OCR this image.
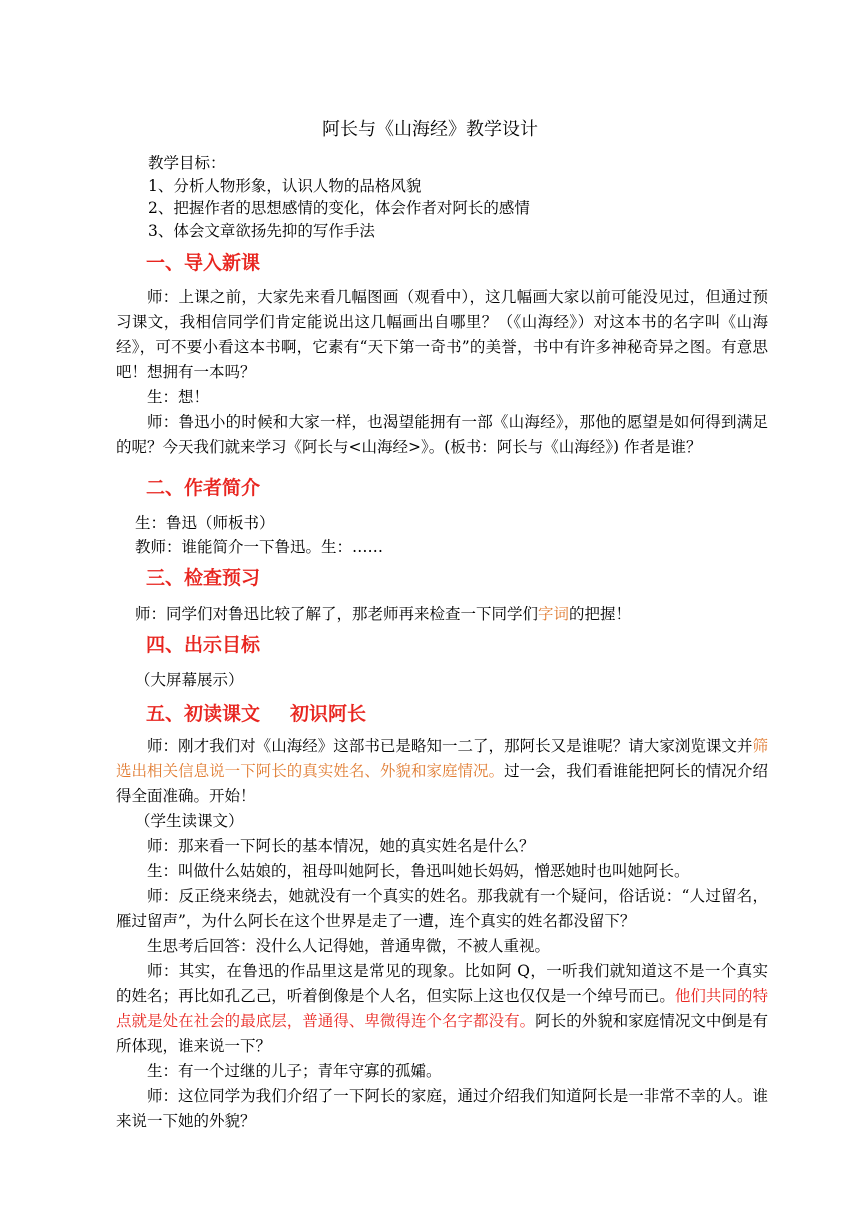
阿长与《山海经》教学设计
教学目标：
1、分析人物形象，认识人物的品格风貌
2、把握作者的思想感情的变化，体会作者对阿长的感情
3、体会文章欲扬先抑的写作手法
一、导入新课

师：上课之前，大家先来看几幅图画（观看中），这几幅画大家以前可能没见过，但通过预习课文，我相信同学们肯定能说出这几幅画出自哪里？（《山海经》）对这本书的名字叫《山海经》，可不要小看这本书啊，它素有“天下第一奇书”的美誉，书中有许多神秘奇异之图。有意思吧！想拥有一本吗？

生：想！

师：鲁迅小的时候和大家一样，也渴望能拥有一部《山海经》，那他的愿望是如何得到满足的呢？今天我们就来学习《阿长与<山海经>》。(板书：阿长与《山海经》) 作者是谁？

二、作者简介
生：鲁迅（师板书）
教师：谁能简介一下鲁迅。生：……
三、检查预习
师：同学们对鲁迅比较了解了，那老师再来检查一下同学们字词的把握！
四、出示目标
（大屏幕展示）
五、初读课文 初识阿长

师：刚才我们对《山海经》这部书已是略知一二了，那阿长又是谁呢？请大家浏览课文并筛选出相关信息说一下阿长的真实姓名、外貌和家庭情况。过一会，我们看谁能把阿长的情况介绍得全面准确。开始！

（学生读课文）

师：那来看一下阿长的基本情况，她的真实姓名是什么？

生：叫做什么姑娘的，祖母叫她阿长，鲁迅叫她长妈妈，憎恶她时也叫她阿长。

师：反正绕来绕去，她就没有一个真实的姓名。那我就有一个疑问，俗话说：“人过留名，雁过留声”，为什么阿长在这个世界是走了一遭，连个真实的姓名都没留下？

生思考后回答：没什么人记得她，普通卑微，不被人重视。

师：其实，在鲁迅的作品里这是常见的现象。比如阿 Q，一听我们就知道这不是一个真实的姓名；再比如孔乙己，听着倒像是个人名，但实际上这也仅仅是一个绰号而已。他们共同的特点就是处在社会的最底层，普通得、卑微得连个名字都没有。阿长的外貌和家庭情况文中倒是有所体现，谁来说一下？

生：有一个过继的儿子；青年守寡的孤孀。

师：这位同学为我们介绍了一下阿长的家庭，通过介绍我们知道阿长是一非常不幸的人。谁来说一下她的外貌？
